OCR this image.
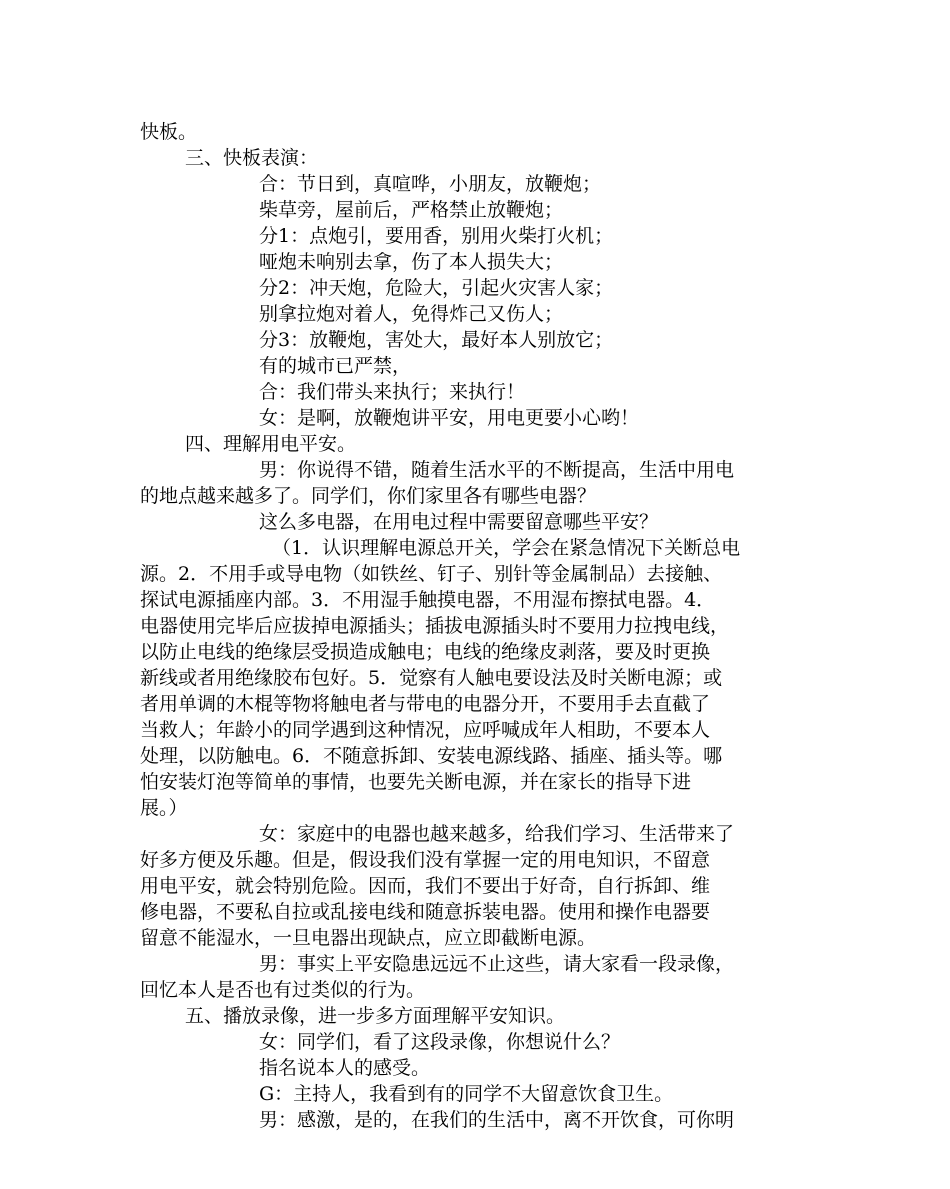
快板。
三、快板表演：
合：节日到，真喧哗，小朋友，放鞭炮；
柴草旁，屋前后，严格禁止放鞭炮；
分1：点炮引，要用香，别用火柴打火机；
哑炮未响别去拿，伤了本人损失大；
分2：冲天炮，危险大，引起火灾害人家；
别拿拉炮对着人，免得炸己又伤人；
分3：放鞭炮，害处大，最好本人别放它；
有的城市已严禁，
合：我们带头来执行；来执行！
女：是啊，放鞭炮讲平安，用电更要小心哟！
四、理解用电平安。
男：你说得不错，随着生活水平的不断提高，生活中用电
的地点越来越多了。同学们，你们家里各有哪些电器？
这么多电器，在用电过程中需要留意哪些平安？
（1．认识理解电源总开关，学会在紧急情况下关断总电
源。2．不用手或导电物（如铁丝、钉子、别针等金属制品）去接触、
探试电源插座内部。3．不用湿手触摸电器，不用湿布擦拭电器。4．
电器使用完毕后应拔掉电源插头；插拔电源插头时不要用力拉拽电线，
以防止电线的绝缘层受损造成触电；电线的绝缘皮剥落，要及时更换
新线或者用绝缘胶布包好。5．觉察有人触电要设法及时关断电源；或
者用单调的木棍等物将触电者与带电的电器分开，不要用手去直截了
当救人；年龄小的同学遇到这种情况，应呼喊成年人相助，不要本人
处理，以防触电。6．不随意拆卸、安装电源线路、插座、插头等。哪
怕安装灯泡等简单的事情，也要先关断电源，并在家长的指导下进
展。）
女：家庭中的电器也越来越多，给我们学习、生活带来了
好多方便及乐趣。但是，假设我们没有掌握一定的用电知识，不留意
用电平安，就会特别危险。因而，我们不要出于好奇，自行拆卸、维
修电器，不要私自拉或乱接电线和随意拆装电器。使用和操作电器要
留意不能湿水，一旦电器出现缺点，应立即截断电源。
男：事实上平安隐患远远不止这些，请大家看一段录像，
回忆本人是否也有过类似的行为。
五、播放录像，进一步多方面理解平安知识。
女：同学们，看了这段录像，你想说什么？
指名说本人的感受。
G：主持人，我看到有的同学不大留意饮食卫生。
男：感激，是的，在我们的生活中，离不开饮食，可你明
